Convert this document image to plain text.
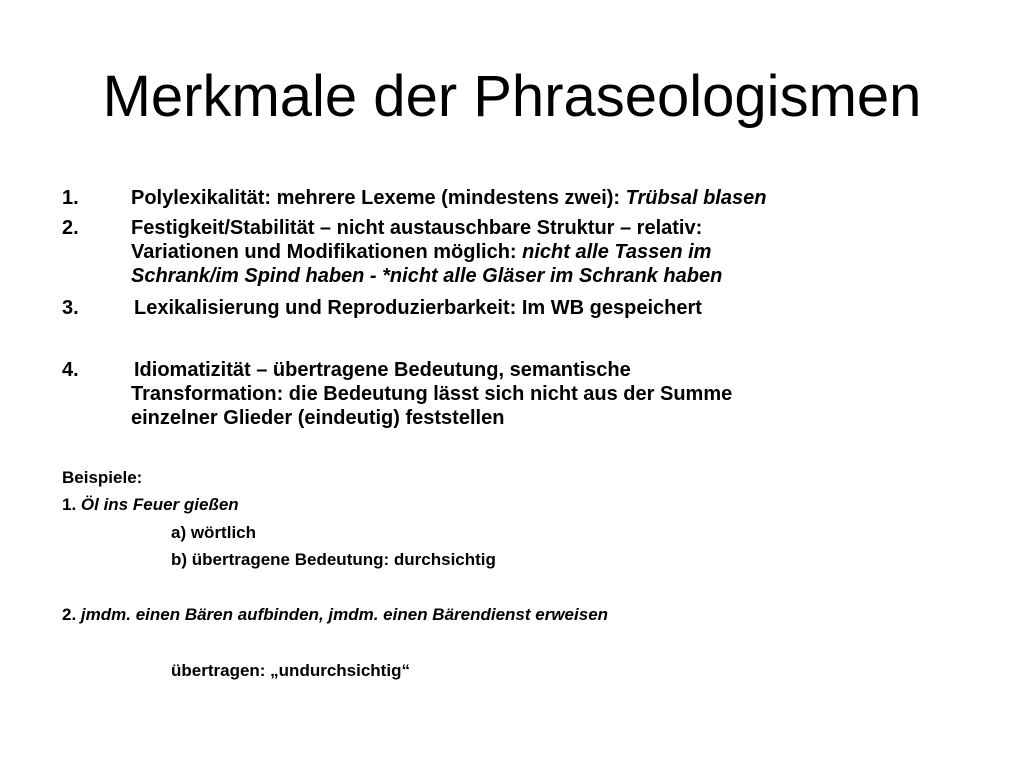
Merkmale der Phraseologismen
1.	Polylexikalität: mehrere Lexeme (mindestens zwei): Trübsal blasen
2.	Festigkeit/Stabilität – nicht austauschbare Struktur – relativ:
Variationen und Modifikationen möglich: nicht alle Tassen im
Schrank/im Spind haben - *nicht alle Gläser im Schrank haben
3.	Lexikalisierung und Reproduzierbarkeit: Im WB gespeichert
4.	Idiomatizität – übertragene Bedeutung, semantische
Transformation: die Bedeutung lässt sich nicht aus der Summe
einzelner Glieder (eindeutig) feststellen
Beispiele:
1. Öl ins Feuer gießen
a) wörtlich
b) übertragene Bedeutung: durchsichtig
2. jmdm. einen Bären aufbinden, jmdm. einen Bärendienst erweisen
übertragen: „undurchsichtig“
